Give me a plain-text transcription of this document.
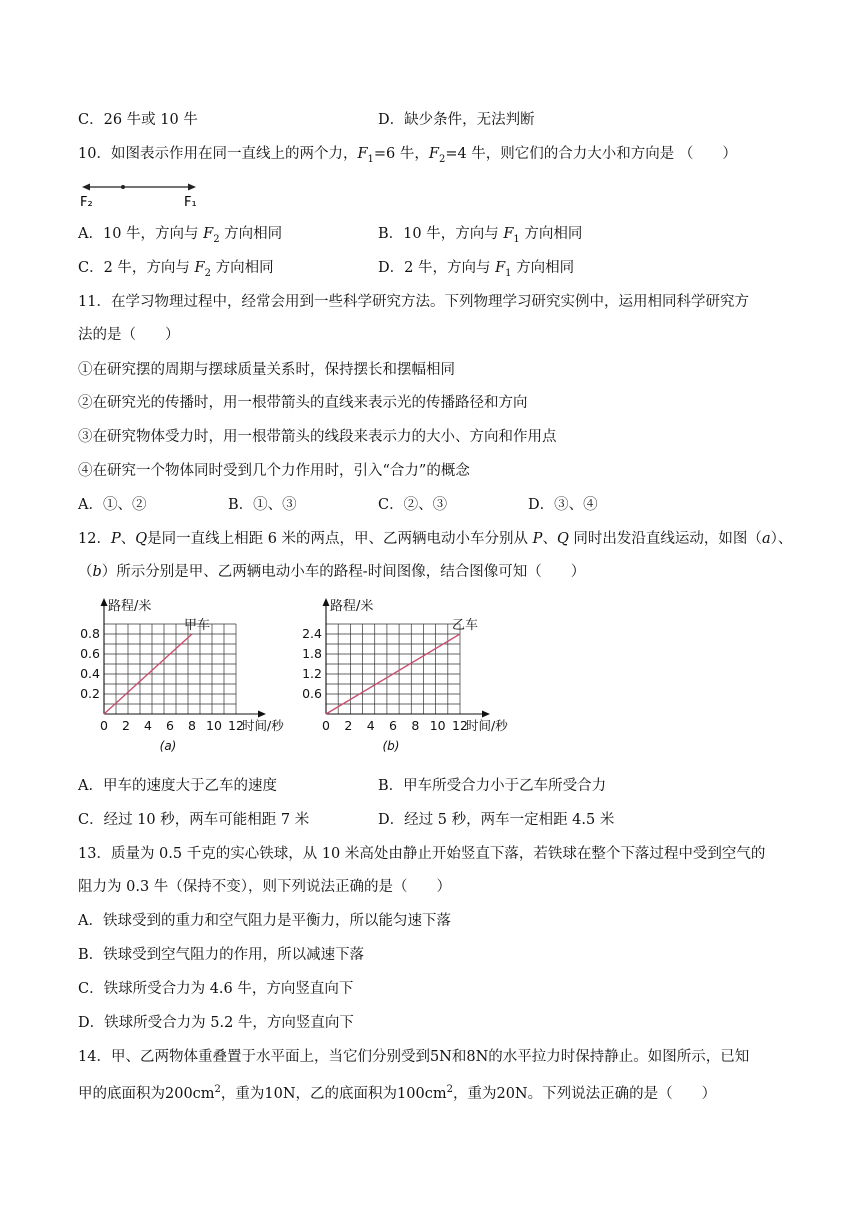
C．26 牛或 10 牛	D．缺少条件，无法判断
10．如图表示作用在同一直线上的两个力，$F_1=6$ 牛，$F_2=4$ 牛，则它们的合力大小和方向是 （　　）
F₂	F₁
A．10 牛，方向与 $F_2$ 方向相同	B．10 牛，方向与 $F_1$ 方向相同
C．2 牛，方向与 $F_2$ 方向相同	D．2 牛，方向与 $F_1$ 方向相同
11．在学习物理过程中，经常会用到一些科学研究方法。下列物理学习研究实例中，运用相同科学研究方
法的是（　　）
①在研究摆的周期与摆球质量关系时，保持摆长和摆幅相同
②在研究光的传播时，用一根带箭头的直线来表示光的传播路径和方向
③在研究物体受力时，用一根带箭头的线段来表示力的大小、方向和作用点
④在研究一个物体同时受到几个力作用时，引入“合力”的概念
A．①、②	B．①、③	C．②、③	D．③、④
12．P、Q是同一直线上相距 6 米的两点，甲、乙两辆电动小车分别从 P、Q 同时出发沿直线运动，如图（a）、
（b）所示分别是甲、乙两辆电动小车的路程-时间图像，结合图像可知（　　）
0 2 4 6 8 10 12
0.2
0.4
0.6
0.8
时间/秒
路程/米
甲车
(a)
0 2 4 6 8 10 12
0.6
1.2
1.8
2.4
时间/秒
路程/米
乙车
(b)
A．甲车的速度大于乙车的速度	B．甲车所受合力小于乙车所受合力
C．经过 10 秒，两车可能相距 7 米	D．经过 5 秒，两车一定相距 4.5 米
13．质量为 0.5 千克的实心铁球，从 10 米高处由静止开始竖直下落，若铁球在整个下落过程中受到空气的
阻力为 0.3 牛（保持不变），则下列说法正确的是（　　）
A．铁球受到的重力和空气阻力是平衡力，所以能匀速下落
B．铁球受到空气阻力的作用，所以减速下落
C．铁球所受合力为 4.6 牛，方向竖直向下
D．铁球所受合力为 5.2 牛，方向竖直向下
14．甲、乙两物体重叠置于水平面上，当它们分别受到5N和8N的水平拉力时保持静止。如图所示，已知
甲的底面积为$200cm^2$，重为10N，乙的底面积为$100cm^2$，重为20N。下列说法正确的是（　　）
